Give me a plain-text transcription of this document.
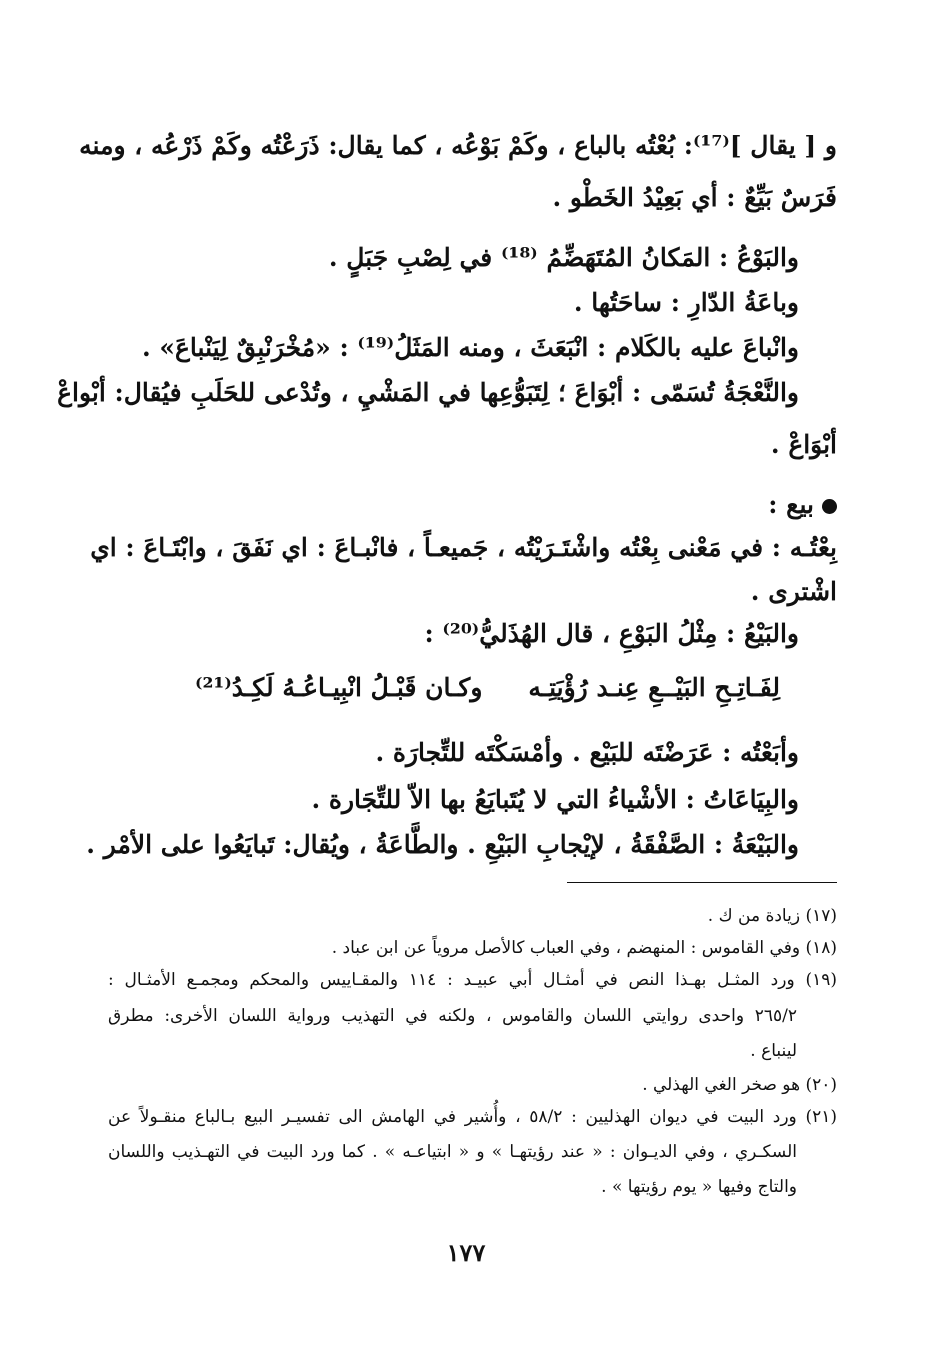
و [ يقال ]⁽¹⁷⁾: بُعْتُه بالباع ، وكَمْ بَوْعُه ، كما يقال: ذَرَعْتُه وكَمْ ذَرْعُه ، ومنه
فَرَسٌ بَيِّعٌ : أي بَعِيْدُ الخَطْو .
والبَوْعُ : المَكانُ المُتَهَضِّمُ ⁽¹⁸⁾ في لِصْبِ جَبَلٍ .
وباعَةُ الدّارِ : ساحَتُها .
وانْباعَ عليه بالكَلام : انْبَعَثَ ، ومنه المَثَلُ⁽¹⁹⁾ : «مُخْرَنْبِقٌ لِيَنْباعَ» .
والنَّعْجَةُ تُسَمّى : أبْوَاعَ ؛ لِتَبَوُّعِها في المَشْيِ ، وتُدْعى للحَلَبِ فيُقال: أبْواعْ
أبْوَاعْ .
بيع :
بِعْتُـه : في مَعْنى بِعْتُه واشْتَـرَيْتُه ، جَميعـاً ، فانْبـاعَ : اي نَفَقَ ، وابْتَـاعَ : اي
اشْترى .
والبَيْعُ : مِثْلُ البَوْعِ ، قال الهُذَليُّ⁽²⁰⁾ :
لِفَـاتِـحِ البَيْــعِ عِنـد رُؤْيَتِـه
وكـان قَبْـلُ انْبِيـاعُـهُ لَكِـدُ⁽²¹⁾
وأبَعْتُه : عَرَضْتَه للبَيْع . وأمْسَكْتَه للتِّجارَة .
والبِيَاعَاتُ : الأشْياءُ التي لا يُتَبايَعُ بها الاّ للتِّجَارة .
والبَيْعَةُ : الصَّفْقَةُ ، لإيْجابِ البَيْعِ . والطَّاعَةُ ، ويُقال: تَبايَعُوا على الأمْر .
(١٧) زيادة من ك .
(١٨) وفي القاموس : المنهضم ، وفي العباب كالأصل مروياً عن ابن عباد .
(١٩) ورد المثـل بهـذا النص في أمثـال أبي عبيـد : ١١٤ والمقـاييس والمحكم ومجمـع الأمثـال :
٢٦٥/٢ واحدى روايتي اللسان والقاموس ، ولكنه في التهذيب ورواية اللسان الأخرى: مطرق
لينباع .
(٢٠) هو صخر الغي الهذلي .
(٢١) ورد البيت في ديوان الهذليين : ٥٨/٢ ، وأُشير في الهامش الى تفسيـر البيع بـالباع منقـولاً عن
السكـري ، وفي الديـوان : « عند رؤيتهـا » و « ابتياعـه » . كما ورد البيت في التهـذيب واللسان
والتاج وفيها « يوم رؤيتها » .
١٧٧
